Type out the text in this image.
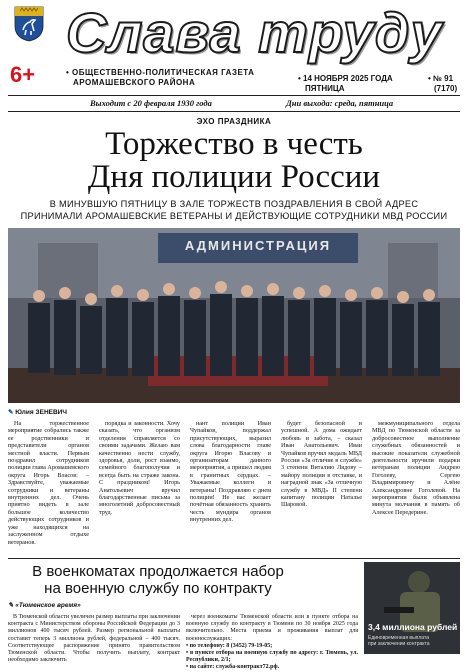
Слава труду
6+	• ОБЩЕСТВЕННО-ПОЛИТИЧЕСКАЯ ГАЗЕТА
АРОМАШЕВСКОГО РАЙОНА	• 14 НОЯБРЯ 2025 ГОДА
ПЯТНИЦА
• № 91
(7170)
Выходит с 20 февраля 1930 года	Дни выхода: среда, пятница
ЭХО ПРАЗДНИКА
Торжество в честь
Дня полиции России
В МИНУВШУЮ ПЯТНИЦУ В ЗАЛЕ ТОРЖЕСТВ ПОЗДРАВЛЕНИЯ В СВОЙ АДРЕС
ПРИНИМАЛИ АРОМАШЕВСКИЕ ВЕТЕРАНЫ И ДЕЙСТВУЮЩИЕ СОТРУДНИКИ МВД РОССИИ
АДМИНИСТРАЦИЯ
✎ Юлия ЗЕНЕВИЧ

На торжественное мероприятие собрались также ее родственники и представители органов местной власти. Первым поздравил сотрудников полиции глава Аромашевского округа Игорь Власов: – Здравствуйте, уважаемые сотрудники и ветераны внутренних дел. Очень приятно видеть в зале большое количество действующих сотрудников и уже находящихся на заслуженном отдыхе ветеранов.

порядка и законности. Хочу сказать, что организм отделения справляется со своими задачами. Желаю вам качественно нести службу, здоровья, доли, рост взаимо, семейного благополучия и всегда быть на страже закона. С праздником! Игорь Анатольевич вручил благодарственные письма за многолетний добросовестный труд.

нант полиции Иван Чупайков, поддержал присутствующих, выразил слова благодарности главе округа Игорю Власову и организаторам данного мероприятия, а пришел людям в гранитных сердцах. – Уважаемые коллеги и ветераны! Поздравляю с днем полиции! Не вас желает почётная обязанность хранить честь мундира органов внутренних дел.

будет безопасной и успешной. А дома ожидает любовь и забота, – сказал Иван Анатольевич. Иван Чупайков вручил медаль МВД России «За отличие в службе» 3 степени Виталию Лядову – майору полиции в отставке, и наградной знак «За отличную службу в МВД» II степени капитану полиции Наталье Шаровой.

межмуниципального отдела МВД по Тюменской области за добросовестное выполнение служебных обязанностей и высокие показатели служебной деятельности вручили подарки ветеранам полиции Андрею Гоголеву, Сергею Владимировичу и Алёне Александровне Гоголевой. На мероприятии были объявлена минута молчания в память об Алексее Передерине.

В военкоматах продолжается набор
на военную службу по контракту
✎ «Тюменское время»

В Тюменской области увеличен размер выплаты при заключении контракта с Министерством обороны Российской Федерации до 3 миллионов 400 тысяч рублей. Размер региональной выплаты составит теперь 3 миллиона рублей, федеральной – 400 тысяч. Соответствующее распоряжение принято правительством Тюменской области. Чтобы получить выплату, контракт необходимо заключить

через военкоматы Тюменской области или в пункте отбора на военную службу по контракту в Тюмени по 30 ноября 2025 года включительно. Места приема и проживания выплат для военнослужащих:

• по телефону: 8 (3452) 79-19-05;
• в пункте отбора на военную службу по адресу: г. Тюмень, ул. Республики, 2/1;
• на сайте: служба-контракт72.рф.
3,4 миллиона рублей
Единовременная выплата
при заключении контракта
